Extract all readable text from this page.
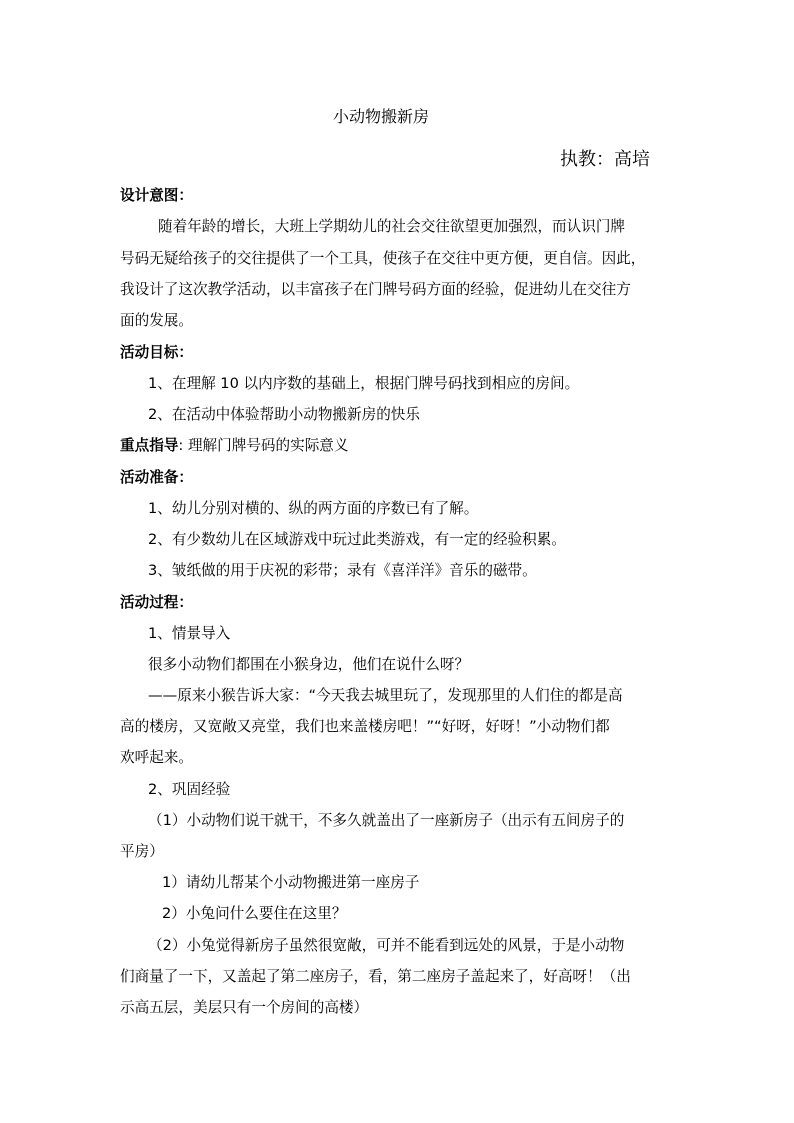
小动物搬新房
执教：高培
设计意图：
随着年龄的增长，大班上学期幼儿的社会交往欲望更加强烈，而认识门牌
号码无疑给孩子的交往提供了一个工具，使孩子在交往中更方便，更自信。因此，
我设计了这次教学活动，以丰富孩子在门牌号码方面的经验，促进幼儿在交往方
面的发展。
活动目标：
1、在理解 10 以内序数的基础上，根据门牌号码找到相应的房间。
2、在活动中体验帮助小动物搬新房的快乐
重点指导: 理解门牌号码的实际意义
活动准备：
1、幼儿分别对横的、纵的两方面的序数已有了解。
2、有少数幼儿在区域游戏中玩过此类游戏，有一定的经验积累。
3、皱纸做的用于庆祝的彩带；录有《喜洋洋》音乐的磁带。
活动过程：
1、情景导入
很多小动物们都围在小猴身边，他们在说什么呀？
——原来小猴告诉大家：“今天我去城里玩了，发现那里的人们住的都是高
高的楼房，又宽敞又亮堂，我们也来盖楼房吧！”“好呀，好呀！”小动物们都
欢呼起来。
2、巩固经验
（1）小动物们说干就干，不多久就盖出了一座新房子（出示有五间房子的
平房）
1）请幼儿帮某个小动物搬进第一座房子
2）小兔问什么要住在这里？
（2）小兔觉得新房子虽然很宽敞，可并不能看到远处的风景，于是小动物
们商量了一下，又盖起了第二座房子，看，第二座房子盖起来了，好高呀！（出
示高五层，美层只有一个房间的高楼）
